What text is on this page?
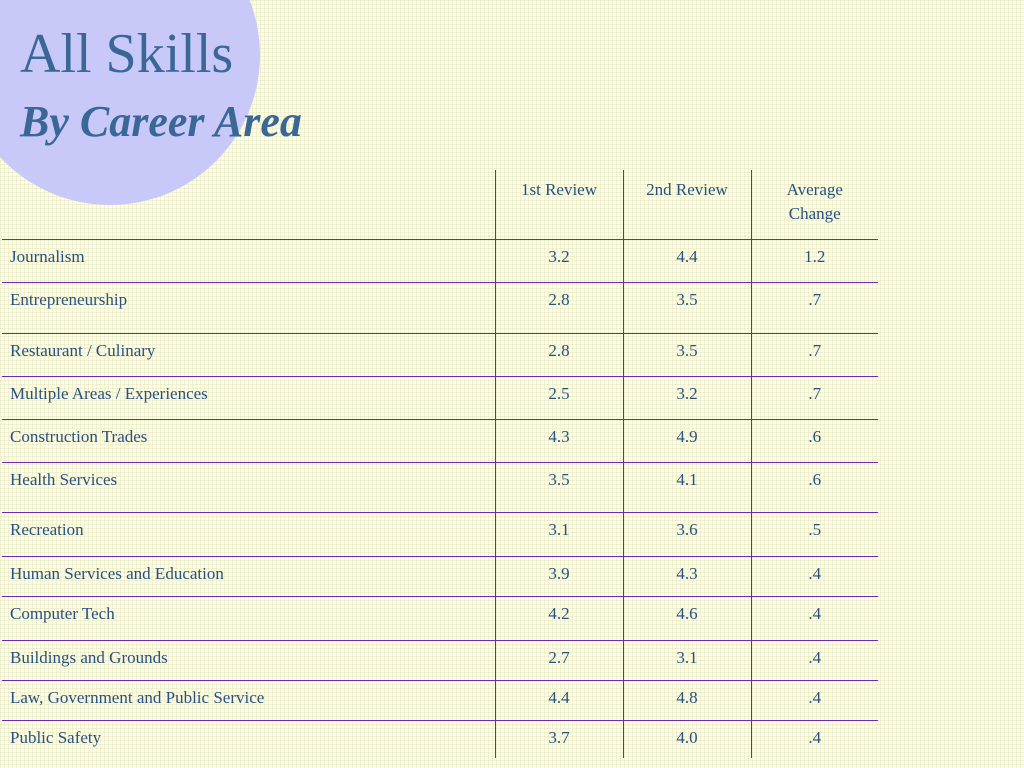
All Skills
By Career Area
	1st Review	2nd Review	Average
Change

Journalism	3.2	4.4	1.2
Entrepreneurship	2.8	3.5	.7
Restaurant / Culinary	2.8	3.5	.7
Multiple Areas / Experiences	2.5	3.2	.7
Construction Trades	4.3	4.9	.6
Health Services	3.5	4.1	.6
Recreation	3.1	3.6	.5
Human Services and Education	3.9	4.3	.4
Computer Tech	4.2	4.6	.4
Buildings and Grounds	2.7	3.1	.4
Law, Government and Public Service	4.4	4.8	.4
Public Safety	3.7	4.0	.4
